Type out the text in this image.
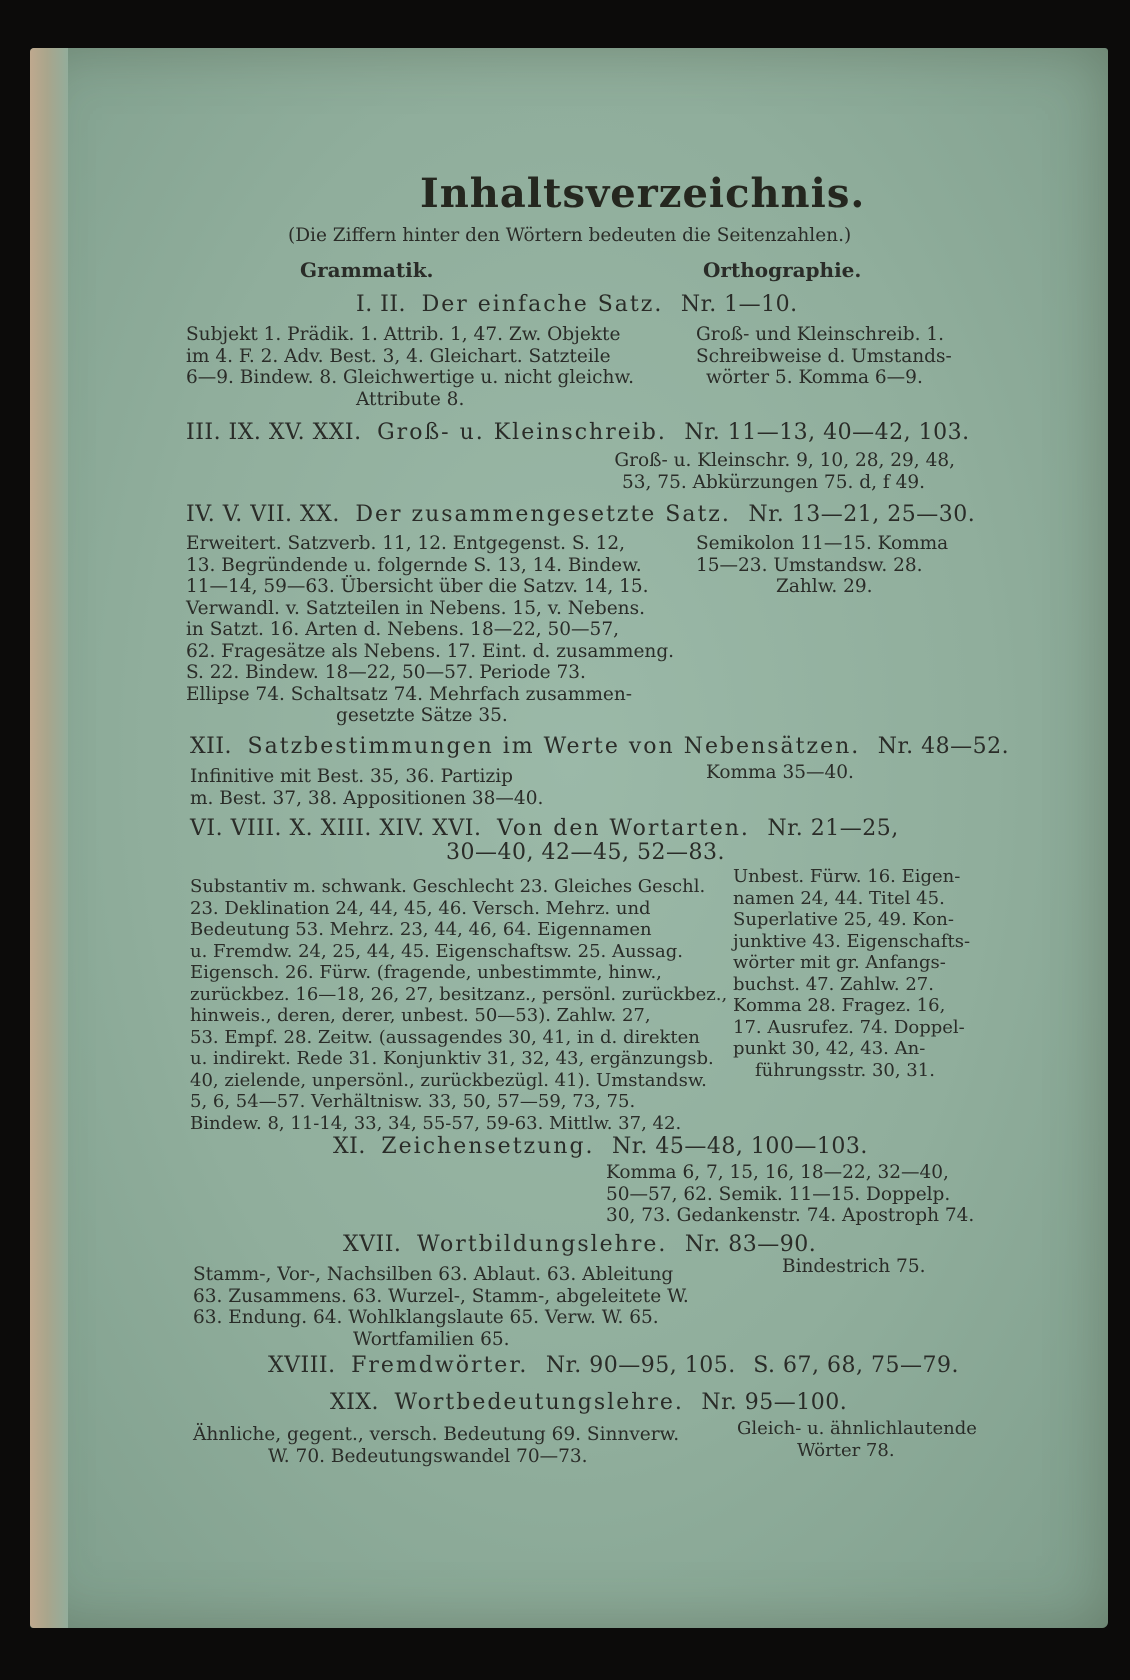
Inhaltsverzeichnis.
(Die Ziffern hinter den Wörtern bedeuten die Seitenzahlen.)
Grammatik.	Orthographie.
I. II. Der einfache Satz. Nr. 1—10.
Subjekt 1. Prädik. 1. Attrib. 1, 47. Zw. Objekte
im 4. F. 2. Adv. Best. 3, 4. Gleichart. Satzteile
6—9. Bindew. 8. Gleichwertige u. nicht gleichw.
Attribute 8.
Groß- und Kleinschreib. 1.
Schreibweise d. Umstands-
wörter 5. Komma 6—9.
III. IX. XV. XXI. Groß- u. Kleinschreib. Nr. 11—13, 40—42, 103.
Groß- u. Kleinschr. 9, 10, 28, 29, 48,
53, 75. Abkürzungen 75. d, f 49.
IV. V. VII. XX. Der zusammengesetzte Satz. Nr. 13—21, 25—30.
Erweitert. Satzverb. 11, 12. Entgegenst. S. 12,
13. Begründende u. folgernde S. 13, 14. Bindew.
11—14, 59—63. Übersicht über die Satzv. 14, 15.
Verwandl. v. Satzteilen in Nebens. 15, v. Nebens.
in Satzt. 16. Arten d. Nebens. 18—22, 50—57,
62. Fragesätze als Nebens. 17. Eint. d. zusammeng.
S. 22. Bindew. 18—22, 50—57. Periode 73.
Ellipse 74. Schaltsatz 74. Mehrfach zusammen-
gesetzte Sätze 35.
Semikolon 11—15. Komma
15—23. Umstandsw. 28.
Zahlw. 29.
XII. Satzbestimmungen im Werte von Nebensätzen. Nr. 48—52.
Infinitive mit Best. 35, 36. Partizip
m. Best. 37, 38. Appositionen 38—40.
Komma 35—40.
VI. VIII. X. XIII. XIV. XVI. Von den Wortarten. Nr. 21—25,
30—40, 42—45, 52—83.
Substantiv m. schwank. Geschlecht 23. Gleiches Geschl.
23. Deklination 24, 44, 45, 46. Versch. Mehrz. und
Bedeutung 53. Mehrz. 23, 44, 46, 64. Eigennamen
u. Fremdw. 24, 25, 44, 45. Eigenschaftsw. 25. Aussag.
Eigensch. 26. Fürw. (fragende, unbestimmte, hinw.,
zurückbez. 16—18, 26, 27, besitzanz., persönl. zurückbez.,
hinweis., deren, derer, unbest. 50—53). Zahlw. 27,
53. Empf. 28. Zeitw. (aussagendes 30, 41, in d. direkten
u. indirekt. Rede 31. Konjunktiv 31, 32, 43, ergänzungsb.
40, zielende, unpersönl., zurückbezügl. 41). Umstandsw.
5, 6, 54—57. Verhältnisw. 33, 50, 57—59, 73, 75.
Bindew. 8, 11-14, 33, 34, 55-57, 59-63. Mittlw. 37, 42.
Unbest. Fürw. 16. Eigen-
namen 24, 44. Titel 45.
Superlative 25, 49. Kon-
junktive 43. Eigenschafts-
wörter mit gr. Anfangs-
buchst. 47. Zahlw. 27.
Komma 28. Fragez. 16,
17. Ausrufez. 74. Doppel-
punkt 30, 42, 43. An-
führungsstr. 30, 31.
XI. Zeichensetzung. Nr. 45—48, 100—103.
Komma 6, 7, 15, 16, 18—22, 32—40,
50—57, 62. Semik. 11—15. Doppelp.
30, 73. Gedankenstr. 74. Apostroph 74.
XVII. Wortbildungslehre. Nr. 83—90.
Stamm-, Vor-, Nachsilben 63. Ablaut. 63. Ableitung
63. Zusammens. 63. Wurzel-, Stamm-, abgeleitete W.
63. Endung. 64. Wohlklangslaute 65. Verw. W. 65.
Wortfamilien 65.
Bindestrich 75.
XVIII. Fremdwörter. Nr. 90—95, 105. S. 67, 68, 75—79.
XIX. Wortbedeutungslehre. Nr. 95—100.
Ähnliche, gegent., versch. Bedeutung 69. Sinnverw.
W. 70. Bedeutungswandel 70—73.
Gleich- u. ähnlichlautende
Wörter 78.
